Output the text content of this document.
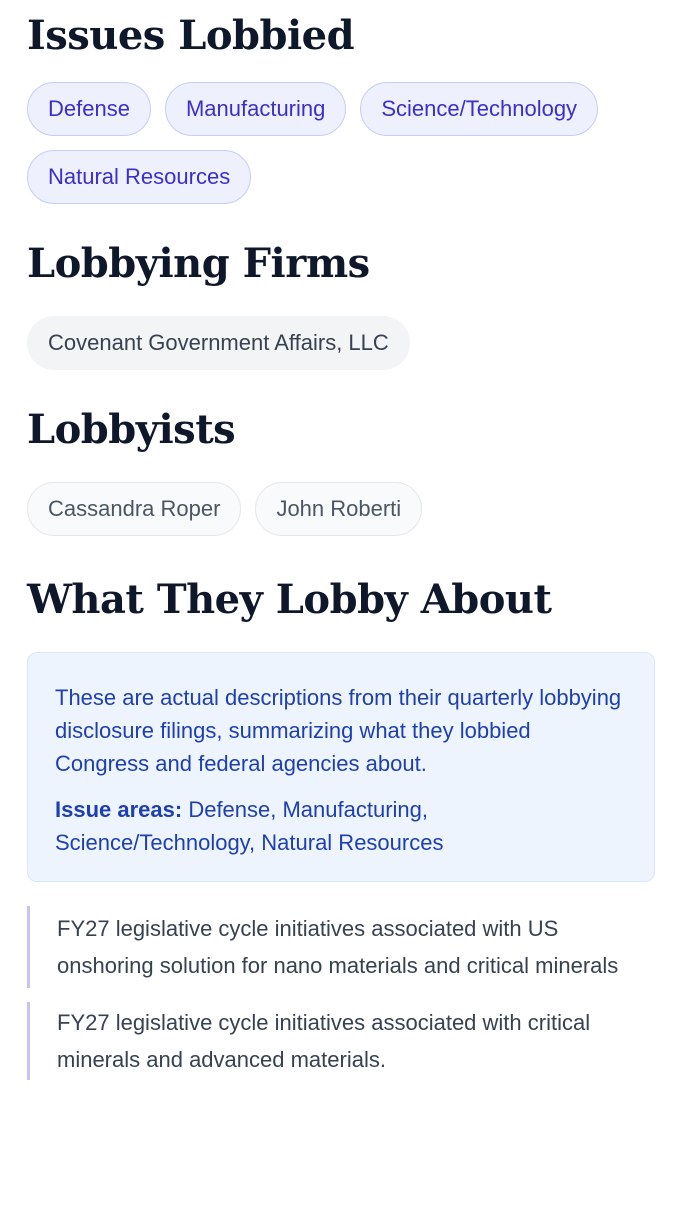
Issues Lobbied
Defense	Manufacturing	Science/Technology
Natural Resources
Lobbying Firms
Covenant Government Affairs, LLC
Lobbyists
Cassandra Roper	John Roberti
What They Lobby About

These are actual descriptions from their quarterly lobbying disclosure filings, summarizing what they lobbied Congress and federal agencies about.

Issue areas: Defense, Manufacturing, Science/Technology, Natural Resources

FY27 legislative cycle initiatives associated with US onshoring solution for nano materials and critical minerals
FY27 legislative cycle initiatives associated with critical minerals and advanced materials.
